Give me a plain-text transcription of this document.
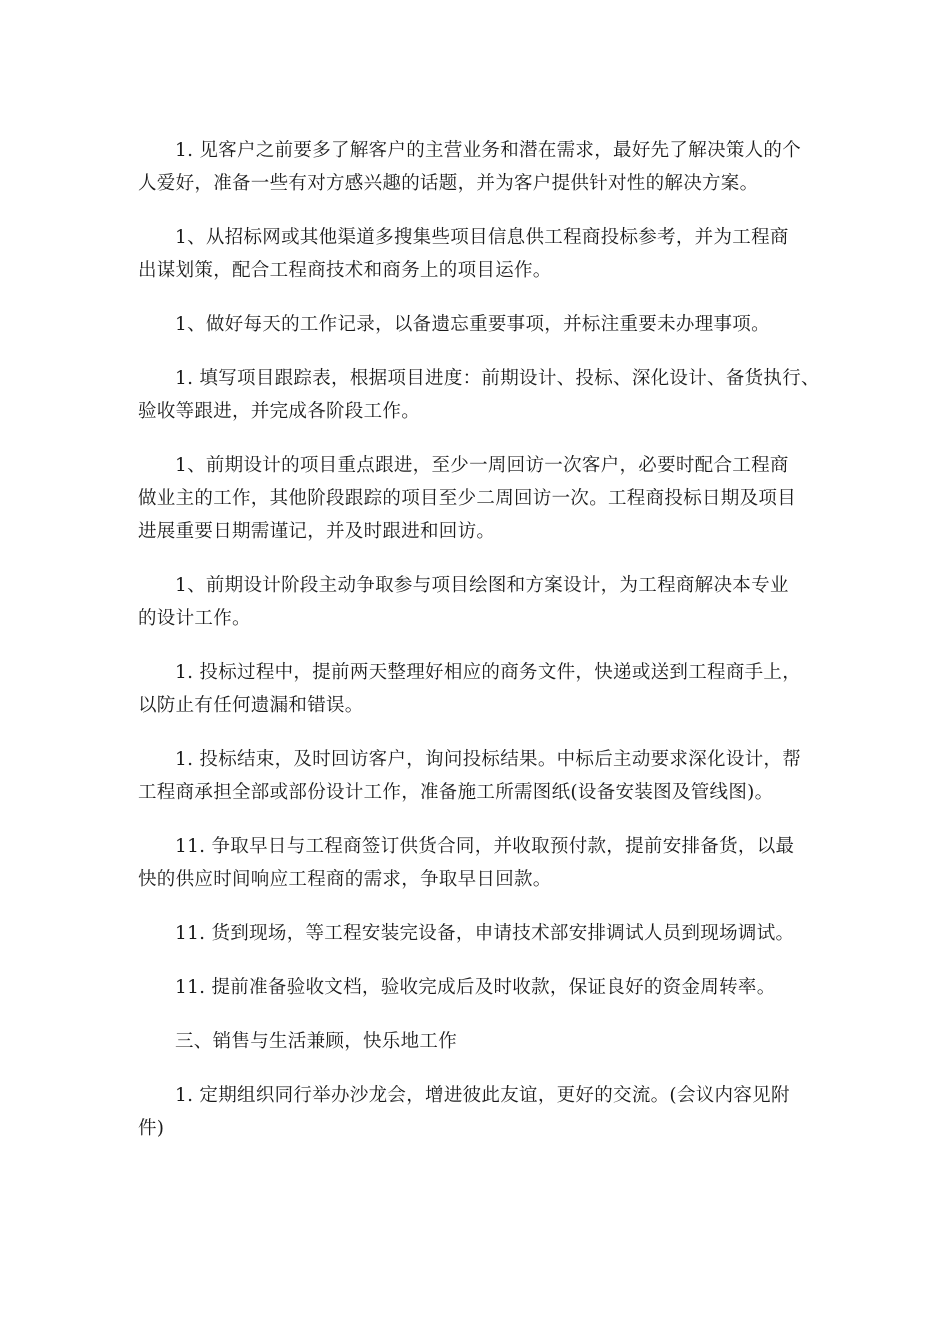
1. 见客户之前要多了解客户的主营业务和潜在需求，最好先了解决策人的个
人爱好，准备一些有对方感兴趣的话题，并为客户提供针对性的解决方案。

1、从招标网或其他渠道多搜集些项目信息供工程商投标参考，并为工程商
出谋划策，配合工程商技术和商务上的项目运作。

1、做好每天的工作记录，以备遗忘重要事项，并标注重要未办理事项。

1. 填写项目跟踪表，根据项目进度：前期设计、投标、深化设计、备货执行、
验收等跟进，并完成各阶段工作。

1、前期设计的项目重点跟进，至少一周回访一次客户，必要时配合工程商
做业主的工作，其他阶段跟踪的项目至少二周回访一次。工程商投标日期及项目
进展重要日期需谨记，并及时跟进和回访。

1、前期设计阶段主动争取参与项目绘图和方案设计，为工程商解决本专业
的设计工作。

1. 投标过程中，提前两天整理好相应的商务文件，快递或送到工程商手上，
以防止有任何遗漏和错误。

1. 投标结束，及时回访客户，询问投标结果。中标后主动要求深化设计，帮
工程商承担全部或部份设计工作，准备施工所需图纸(设备安装图及管线图)。

11. 争取早日与工程商签订供货合同，并收取预付款，提前安排备货，以最
快的供应时间响应工程商的需求，争取早日回款。

11. 货到现场，等工程安装完设备，申请技术部安排调试人员到现场调试。

11. 提前准备验收文档，验收完成后及时收款，保证良好的资金周转率。

三、销售与生活兼顾，快乐地工作

1. 定期组织同行举办沙龙会，增进彼此友谊，更好的交流。(会议内容见附
件)
